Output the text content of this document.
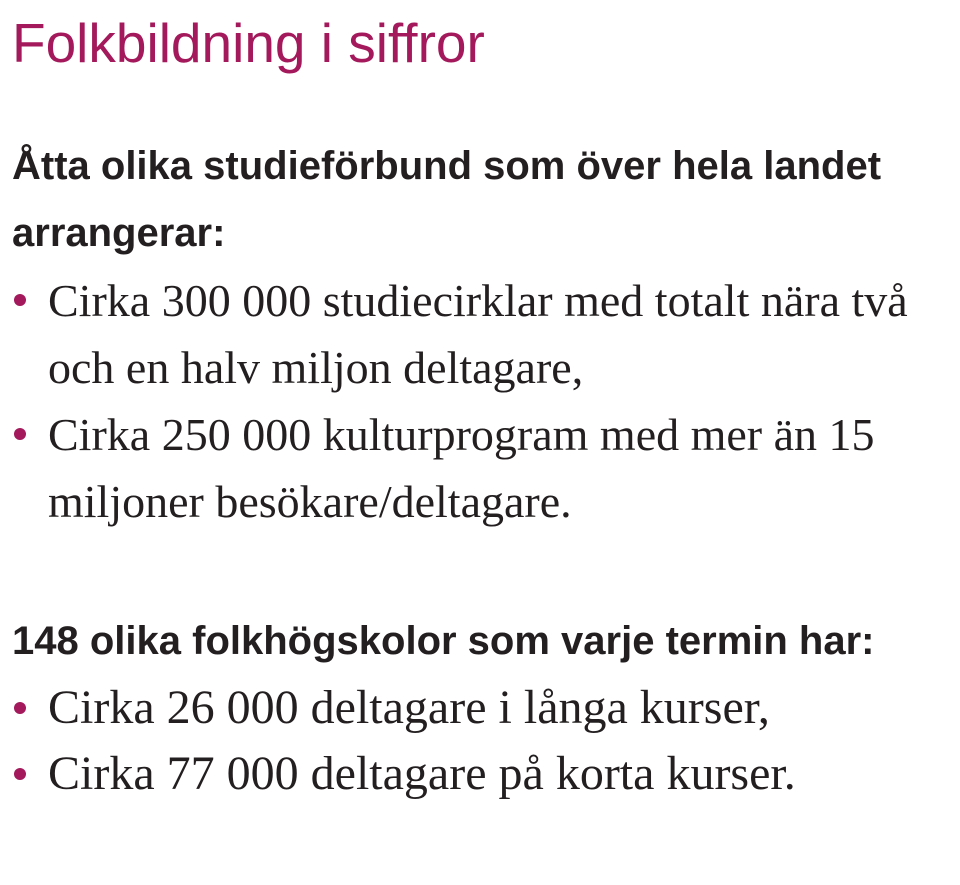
Folkbildning i siffror
Åtta olika studieförbund som över hela landet arrangerar:
Cirka 300 000 studiecirklar med totalt nära två och en halv miljon deltagare,
Cirka 250 000 kulturprogram med mer än 15 miljoner besökare/deltagare.
148 olika folkhögskolor som varje termin har:
Cirka 26 000 deltagare i långa kurser,
Cirka 77 000 deltagare på korta kurser.
